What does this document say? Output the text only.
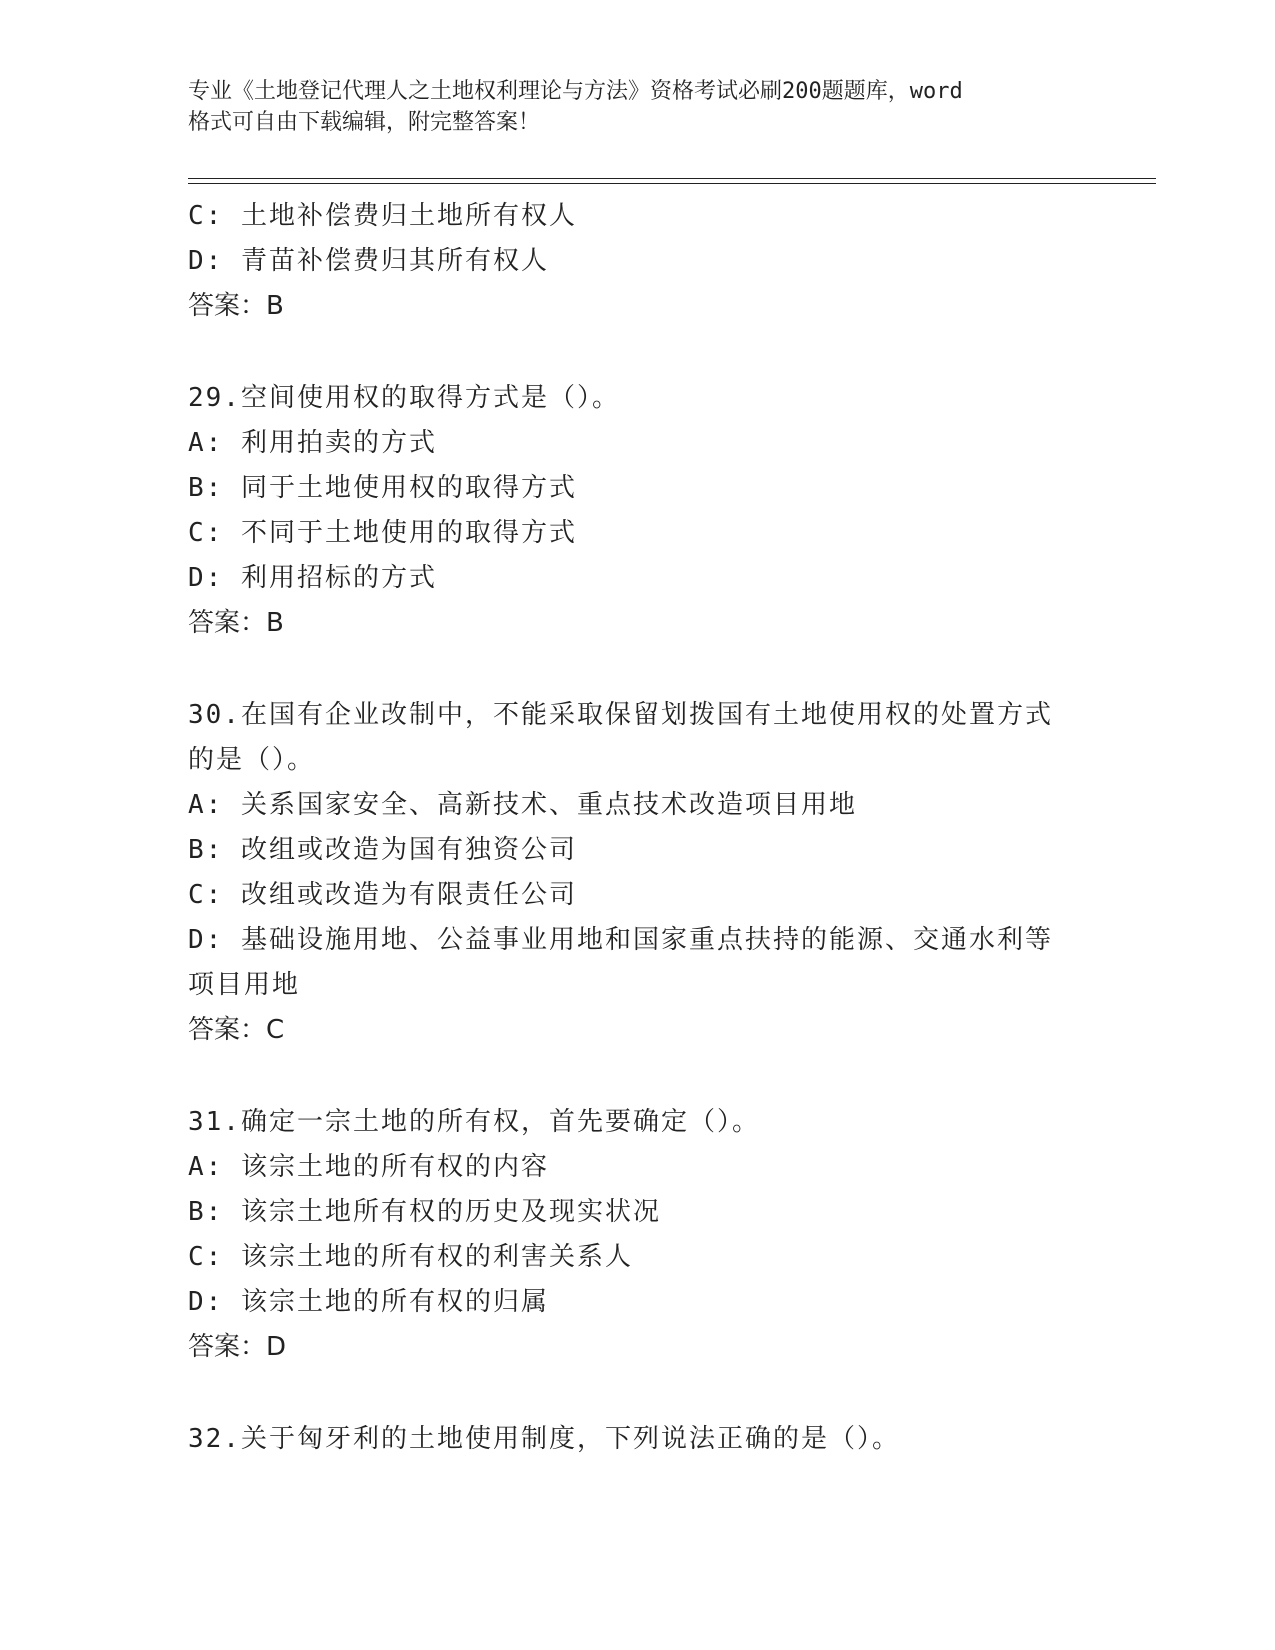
专业《土地登记代理人之土地权利理论与方法》资格考试必刷200题题库，word
格式可自由下载编辑，附完整答案！
C: 土地补偿费归土地所有权人
D: 青苗补偿费归其所有权人
答案：B
29.空间使用权的取得方式是（）。
A: 利用拍卖的方式
B: 同于土地使用权的取得方式
C: 不同于土地使用的取得方式
D: 利用招标的方式
答案：B
30.在国有企业改制中，不能采取保留划拨国有土地使用权的处置方式
的是（）。
A: 关系国家安全、高新技术、重点技术改造项目用地
B: 改组或改造为国有独资公司
C: 改组或改造为有限责任公司
D: 基础设施用地、公益事业用地和国家重点扶持的能源、交通水利等
项目用地
答案：C
31.确定一宗土地的所有权，首先要确定（）。
A: 该宗土地的所有权的内容
B: 该宗土地所有权的历史及现实状况
C: 该宗土地的所有权的利害关系人
D: 该宗土地的所有权的归属
答案：D
32.关于匈牙利的土地使用制度，下列说法正确的是（）。
